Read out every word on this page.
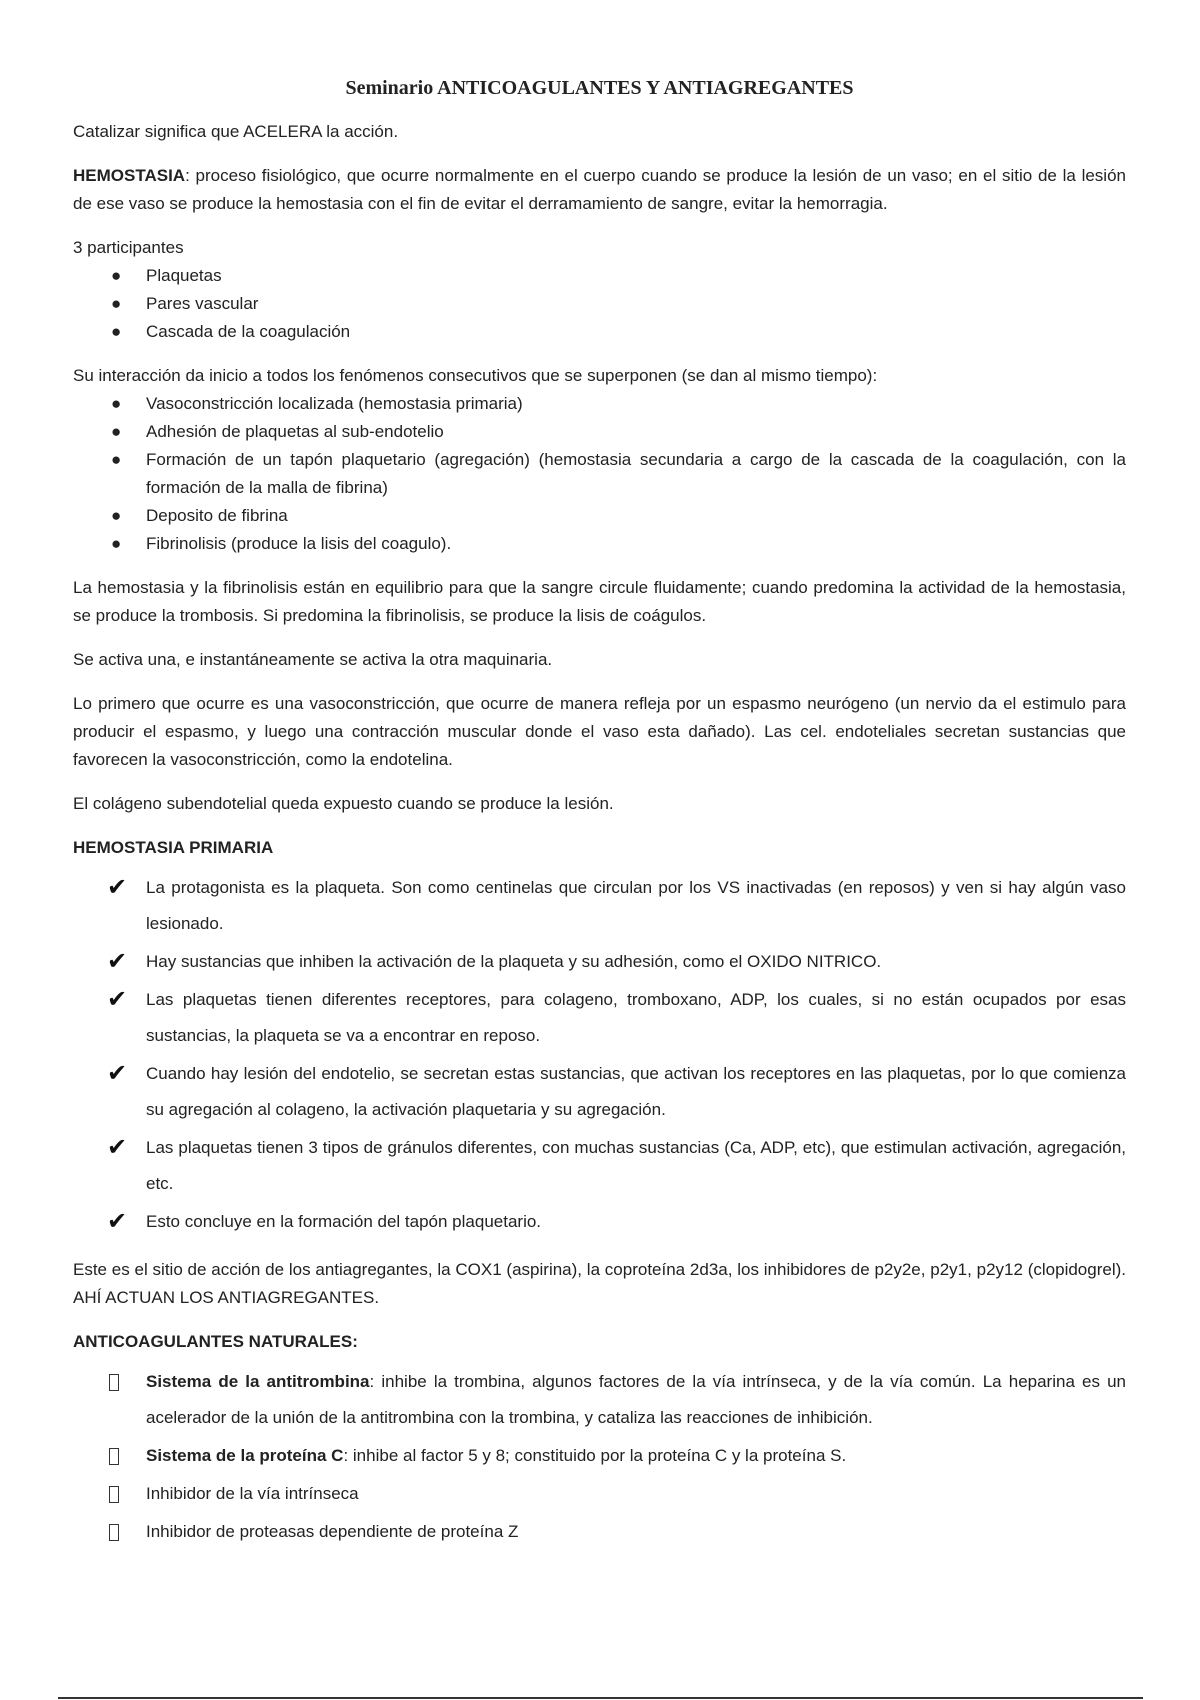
Seminario ANTICOAGULANTES Y ANTIAGREGANTES

Catalizar significa que ACELERA la acción.

HEMOSTASIA: proceso fisiológico, que ocurre normalmente en el cuerpo cuando se produce la lesión de un vaso; en el sitio de la lesión de ese vaso se produce la hemostasia con el fin de evitar el derramamiento de sangre, evitar la hemorragia.

3 participantes

● Plaquetas
● Pares vascular
● Cascada de la coagulación

Su interacción da inicio a todos los fenómenos consecutivos que se superponen (se dan al mismo tiempo):

● Vasoconstricción localizada (hemostasia primaria)
● Adhesión de plaquetas al sub-endotelio
● Formación de un tapón plaquetario (agregación) (hemostasia secundaria a cargo de la cascada de la coagulación, con la formación de la malla de fibrina)
● Deposito de fibrina
● Fibrinolisis (produce la lisis del coagulo).

La hemostasia y la fibrinolisis están en equilibrio para que la sangre circule fluidamente; cuando predomina la actividad de la hemostasia, se produce la trombosis. Si predomina la fibrinolisis, se produce la lisis de coágulos.

Se activa una, e instantáneamente se activa la otra maquinaria.

Lo primero que ocurre es una vasoconstricción, que ocurre de manera refleja por un espasmo neurógeno (un nervio da el estimulo para producir el espasmo, y luego una contracción muscular donde el vaso esta dañado). Las cel. endoteliales secretan sustancias que favorecen la vasoconstricción, como la endotelina.

El colágeno subendotelial queda expuesto cuando se produce la lesión.

HEMOSTASIA PRIMARIA

✔ La protagonista es la plaqueta. Son como centinelas que circulan por los VS inactivadas (en reposos) y ven si hay algún vaso lesionado.
✔ Hay sustancias que inhiben la activación de la plaqueta y su adhesión, como el OXIDO NITRICO.
✔ Las plaquetas tienen diferentes receptores, para colageno, tromboxano, ADP, los cuales, si no están ocupados por esas sustancias, la plaqueta se va a encontrar en reposo.
✔ Cuando hay lesión del endotelio, se secretan estas sustancias, que activan los receptores en las plaquetas, por lo que comienza su agregación al colageno, la activación plaquetaria y su agregación.
✔ Las plaquetas tienen 3 tipos de gránulos diferentes, con muchas sustancias (Ca, ADP, etc), que estimulan activación, agregación, etc.
✔ Esto concluye en la formación del tapón plaquetario.

Este es el sitio de acción de los antiagregantes, la COX1 (aspirina), la coproteína 2d3a, los inhibidores de p2y2e, p2y1, p2y12 (clopidogrel). AHÍ ACTUAN LOS ANTIAGREGANTES.

ANTICOAGULANTES NATURALES:

Sistema de la antitrombina: inhibe la trombina, algunos factores de la vía intrínseca, y de la vía común. La heparina es un acelerador de la unión de la antitrombina con la trombina, y cataliza las reacciones de inhibición.
Sistema de la proteína C: inhibe al factor 5 y 8; constituido por la proteína C y la proteína S.
Inhibidor de la vía intrínseca
Inhibidor de proteasas dependiente de proteína Z
